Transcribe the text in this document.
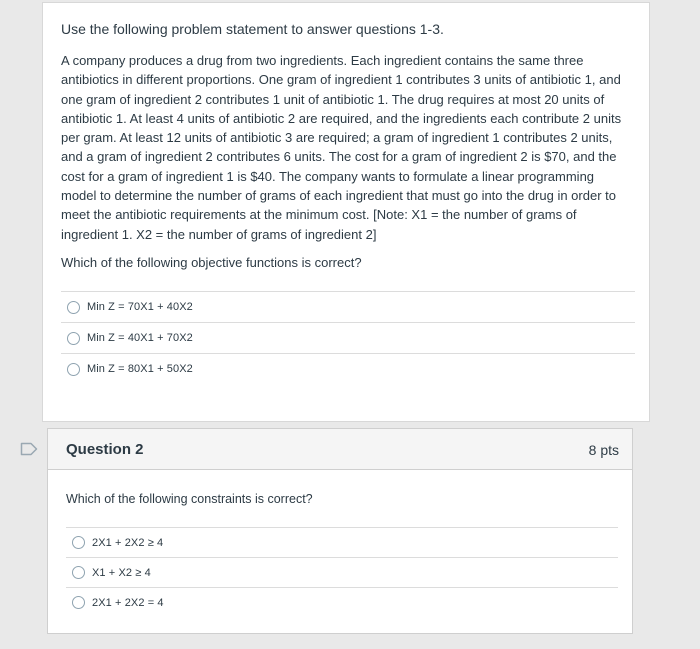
Use the following problem statement to answer questions 1-3.
A company produces a drug from two ingredients. Each ingredient contains the same three antibiotics in different proportions. One gram of ingredient 1 contributes 3 units of antibiotic 1, and one gram of ingredient 2 contributes 1 unit of antibiotic 1. The drug requires at most 20 units of antibiotic 1. At least 4 units of antibiotic 2 are required, and the ingredients each contribute 2 units per gram. At least 12 units of antibiotic 3 are required; a gram of ingredient 1 contributes 2 units, and a gram of ingredient 2 contributes 6 units. The cost for a gram of ingredient 2 is $70, and the cost for a gram of ingredient 1 is $40. The company wants to formulate a linear programming model to determine the number of grams of each ingredient that must go into the drug in order to meet the antibiotic requirements at the minimum cost. [Note: X1 = the number of grams of ingredient 1. X2 = the number of grams of ingredient 2]
Which of the following objective functions is correct?
Min Z = 70X1 + 40X2
Min Z = 40X1 + 70X2
Min Z = 80X1 + 50X2
Question 2	8 pts
Which of the following constraints is correct?
2X1 + 2X2 ≥ 4
X1 + X2 ≥ 4
2X1 + 2X2 = 4
